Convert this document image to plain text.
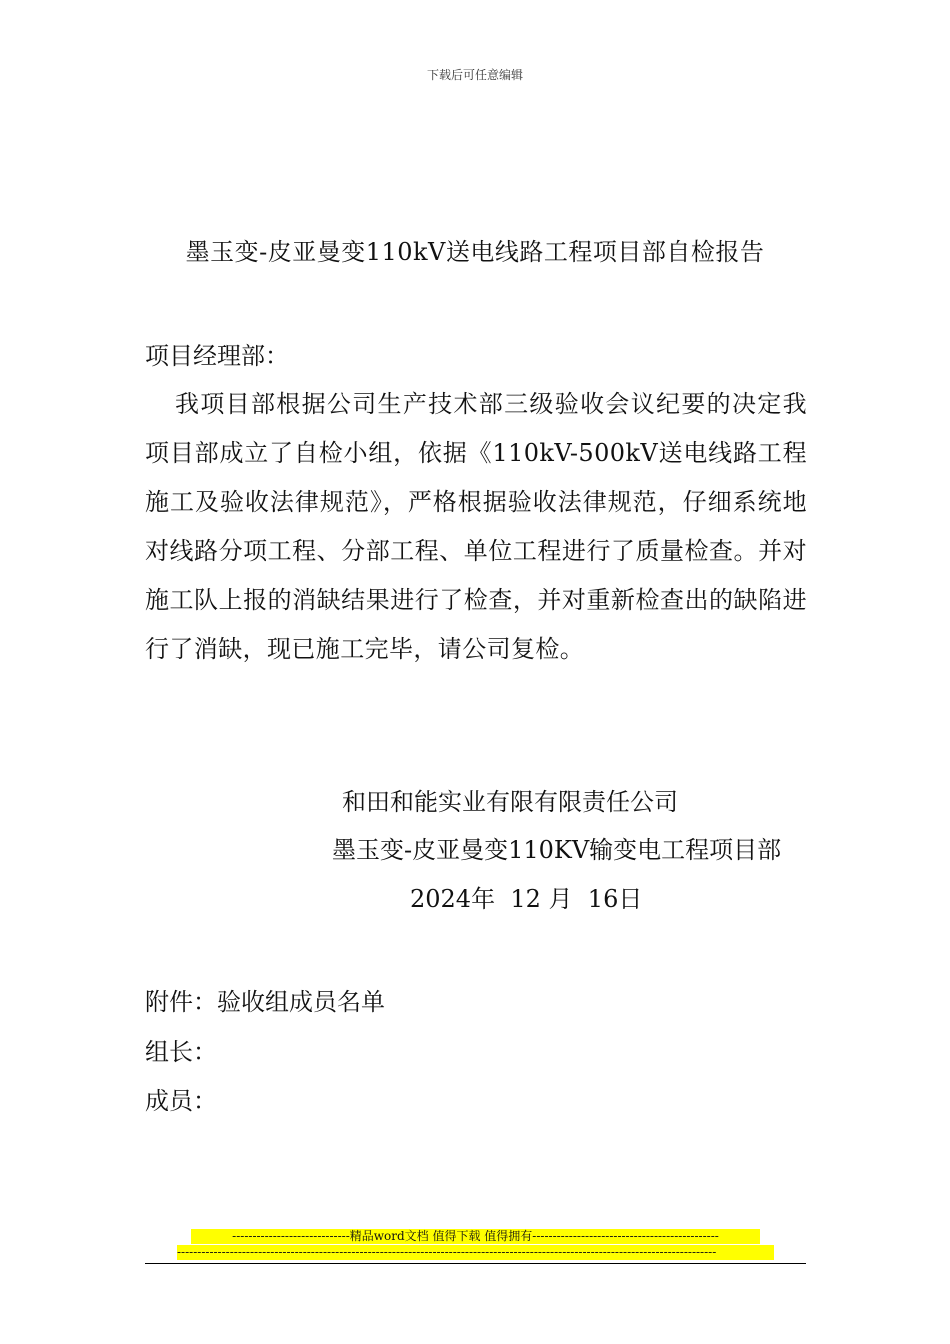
下载后可任意编辑
墨玉变-皮亚曼变110kV送电线路工程项目部自检报告
项目经理部：
我项目部根据公司生产技术部三级验收会议纪要的决定我项目部成立了自检小组，依据《110kV-500kV送电线路工程施工及验收法律规范》，严格根据验收法律规范，仔细系统地对线路分项工程、分部工程、单位工程进行了质量检查。并对施工队上报的消缺结果进行了检查，并对重新检查出的缺陷进行了消缺，现已施工完毕，请公司复检。
和田和能实业有限有限责任公司
墨玉变-皮亚曼变110KV输变电工程项目部
2024年 12 月 16日
附件：验收组成员名单
组长：
成员：
-----------------------------精品word文档 值得下载 值得拥有----------------------------------------------
-------------------------------------------------------------------------------------------------------------------------------------
